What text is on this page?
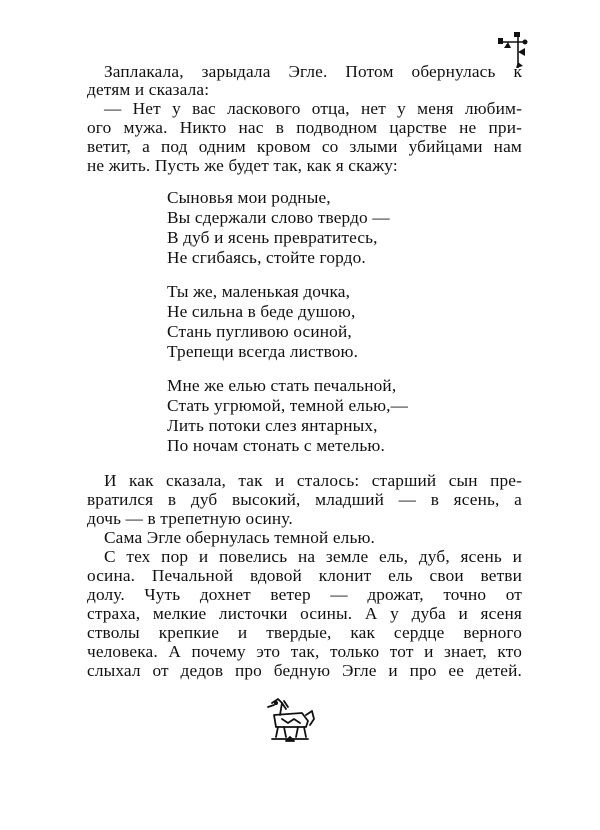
Заплакала, зарыдала Эгле. Потом обернулась к
детям и сказала:
— Нет у вас ласкового отца, нет у меня любим-
ого мужа. Никто нас в подводном царстве не при-
ветит, а под одним кровом со злыми убийцами нам
не жить. Пусть же будет так, как я скажу:
Сыновья мои родные,
Вы сдержали слово твердо —
В дуб и ясень превратитесь,
Не сгибаясь, стойте гордо.
Ты же, маленькая дочка,
Не сильна в беде душою,
Стань пугливою осиной,
Трепещи всегда листвою.
Мне же елью стать печальной,
Стать угрюмой, темной елью,—
Лить потоки слез янтарных,
По ночам стонать с метелью.
И как сказала, так и сталось: старший сын пре-
вратился в дуб высокий, младший — в ясень, а
дочь — в трепетную осину.
Сама Эгле обернулась темной елью.
С тех пор и повелись на земле ель, дуб, ясень и
осина. Печальной вдовой клонит ель свои ветви
долу. Чуть дохнет ветер — дрожат, точно от
страха, мелкие листочки осины. А у дуба и ясеня
стволы крепкие и твердые, как сердце верного
человека. А почему это так, только тот и знает, кто
слыхал от дедов про бедную Эгле и про ее детей.
